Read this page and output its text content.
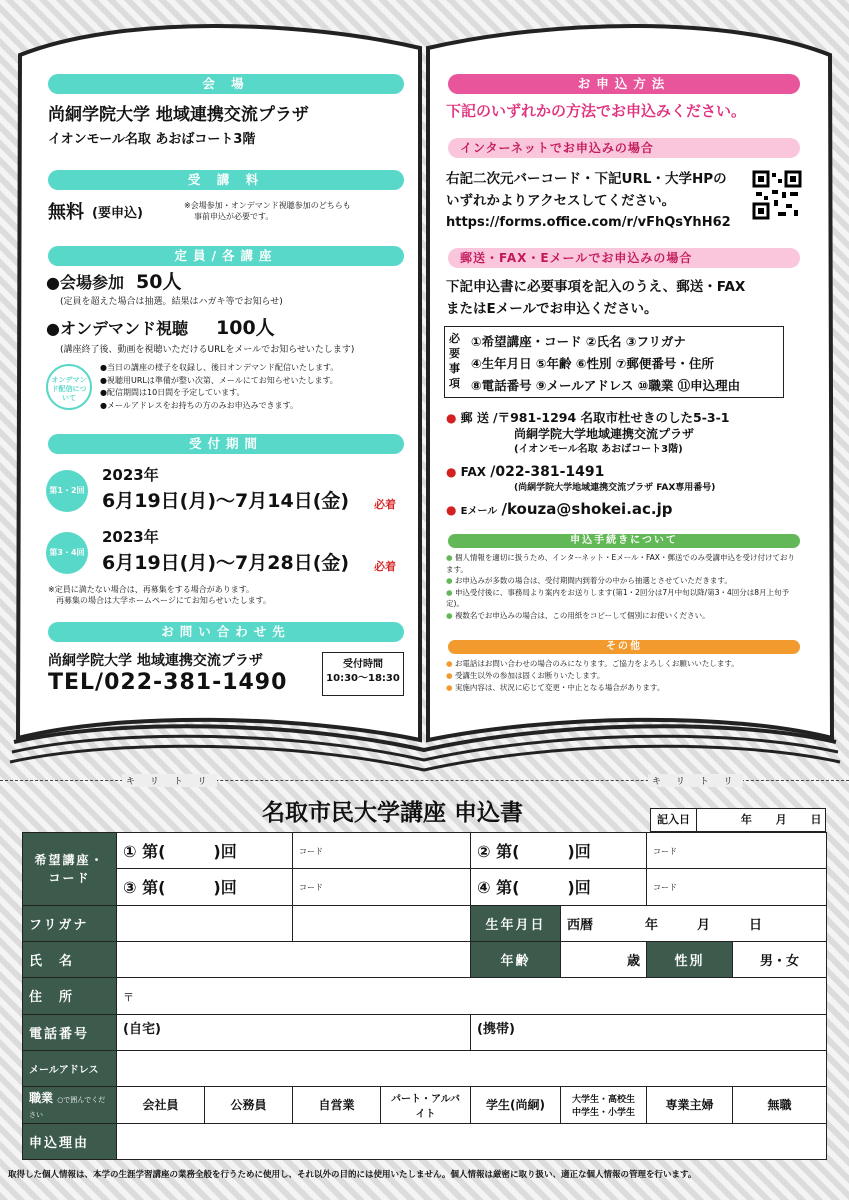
会 場
尚絅学院大学 地域連携交流プラザ
イオンモール名取 あおばコート3階
受 講 料
無料 (要申込)
※会場参加・オンデマンド視聴参加のどちらも
事前申込が必要です。
定員/各講座
●会場参加 50人
(定員を超えた場合は抽選。結果はハガキ等でお知らせ)
●オンデマンド視聴 100人
(講座終了後、動画を視聴いただけるURLをメールでお知らせいたします)
オンデマンド配信について
●当日の講座の様子を収録し、後日オンデマンド配信いたします。
●視聴用URLは準備が整い次第、メールにてお知らせいたします。
●配信期間は10日間を予定しています。
●メールアドレスをお持ちの方のみお申込みできます。
受付期間
第1・2回
2023年
6月19日(月)〜7月14日(金) 必着
第3・4回
2023年
6月19日(月)〜7月28日(金) 必着
※定員に満たない場合は、再募集をする場合があります。
再募集の場合は大学ホームページにてお知らせいたします。
お問い合わせ先
尚絅学院大学 地域連携交流プラザ
TEL/022-381-1490
受付時間
10:30〜18:30
お申込方法
下記のいずれかの方法でお申込みください。
インターネットでお申込みの場合
右記二次元バーコード・下記URL・大学HPの
いずれかよりアクセスしてください。
https://forms.office.com/r/vFhQsYhH62
郵送・FAX・Eメールでお申込みの場合
下記申込書に必要事項を記入のうえ、郵送・FAX
またはEメールでお申込ください。
必要事項
①希望講座・コード ②氏名 ③フリガナ
④生年月日 ⑤年齢 ⑥性別 ⑦郵便番号・住所
⑧電話番号 ⑨メールアドレス ⑩職業 ⑪申込理由
● 郵 送 /〒981-1294 名取市杜せきのした5-3-1
尚絅学院大学地域連携交流プラザ
(イオンモール名取 あおばコート3階)
● FAX /022-381-1491
(尚絅学院大学地域連携交流プラザ FAX専用番号)
● Eメール /kouza@shokei.ac.jp
申込手続きについて
● 個人情報を適切に扱うため、インターネット・Eメール・FAX・郵送でのみ受講申込を受け付けております。
● お申込みが多数の場合は、受付期間内到着分の中から抽選とさせていただきます。
● 申込受付後に、事務局より案内をお送りします(第1・2回分は7月中旬以降/第3・4回分は8月上旬予定)。
● 複数名でお申込みの場合は、この用紙をコピーして個別にお使いください。
その他
● お電話はお問い合わせの場合のみになります。ご協力をよろしくお願いいたします。
● 受講生以外の参加は固くお断りいたします。
● 実施内容は、状況に応じて変更・中止となる場合があります。
キ リ ト リ	キ リ ト リ
名取市民大学講座 申込書	記入日	年 月 日
希望講座・コード	① 第(　　　)回		コード		② 第(　　　)回		コード	
	③ 第(　　　)回		コード		④ 第(　　　)回		コード	
フリガナ					生年月日	西暦　　　　年　　　月　　　日		
氏　名					年齢	歳	性別	男・女
住　所	〒							
電話番号	(自宅)				(携帯)			
メールアドレス								
職業 ○で囲んでください	会社員	公務員	自営業	パート・アルバイト	学生(尚絅)	大学生・高校生 中学生・小学生	専業主婦	無職
申込理由								
取得した個人情報は、本学の生涯学習講座の業務全般を行うために使用し、それ以外の目的には使用いたしません。個人情報は厳密に取り扱い、適正な個人情報の管理を行います。
